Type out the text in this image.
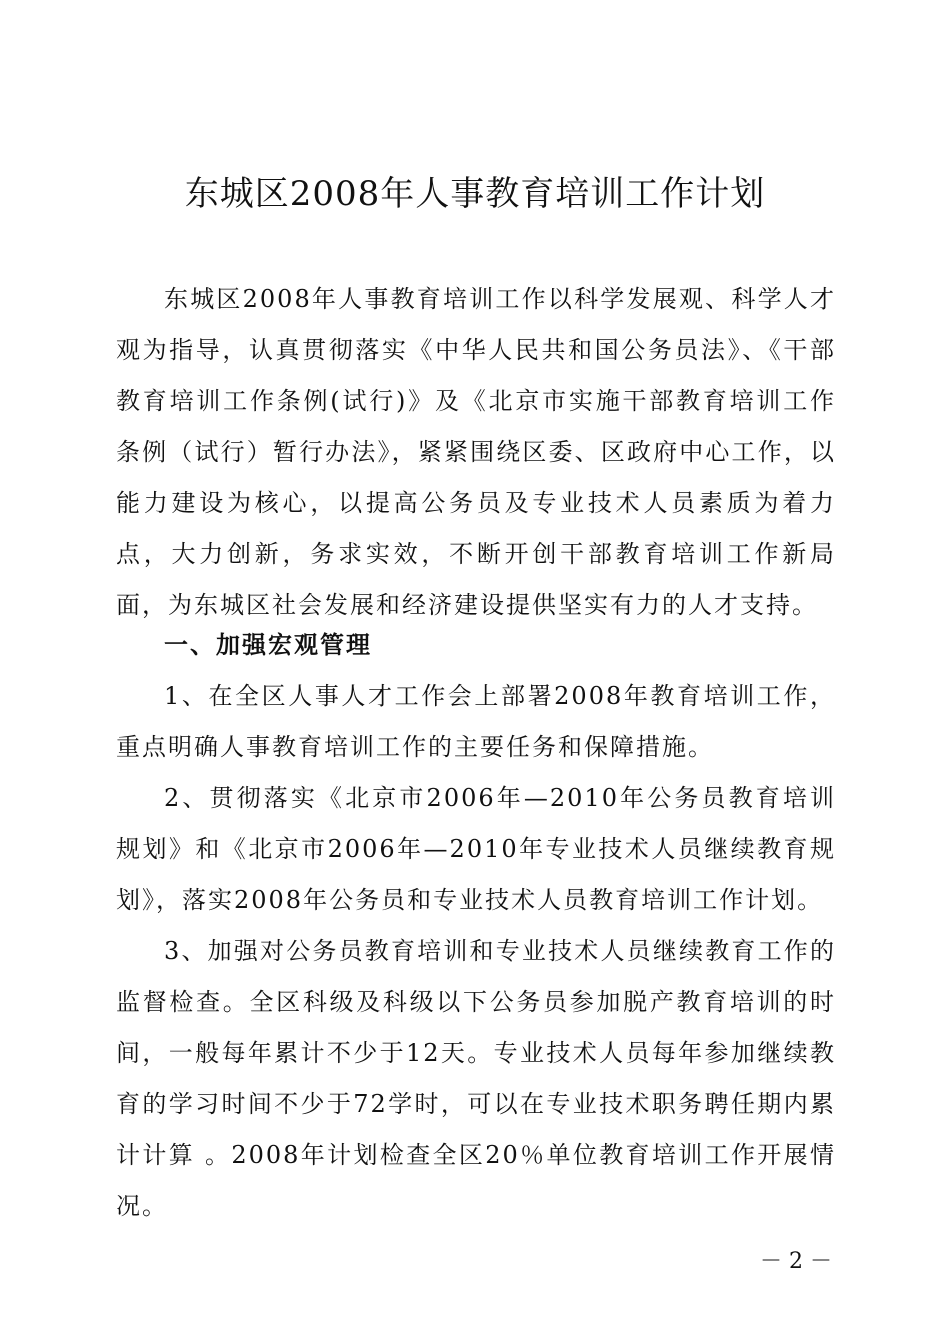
东城区2008年人事教育培训工作计划

东城区2008年人事教育培训工作以科学发展观、科学人才观为指导，认真贯彻落实《中华人民共和国公务员法》、《干部教育培训工作条例(试行)》及《北京市实施干部教育培训工作条例（试行）暂行办法》，紧紧围绕区委、区政府中心工作，以能力建设为核心，以提高公务员及专业技术人员素质为着力点，大力创新，务求实效，不断开创干部教育培训工作新局面，为东城区社会发展和经济建设提供坚实有力的人才支持。

一、加强宏观管理

1、在全区人事人才工作会上部署2008年教育培训工作，重点明确人事教育培训工作的主要任务和保障措施。

2、贯彻落实《北京市2006年—2010年公务员教育培训规划》和《北京市2006年—2010年专业技术人员继续教育规划》，落实2008年公务员和专业技术人员教育培训工作计划。

3、加强对公务员教育培训和专业技术人员继续教育工作的监督检查。全区科级及科级以下公务员参加脱产教育培训的时间，一般每年累计不少于12天。专业技术人员每年参加继续教育的学习时间不少于72学时，可以在专业技术职务聘任期内累计计算 。2008年计划检查全区20％单位教育培训工作开展情况。

－ 2 －
